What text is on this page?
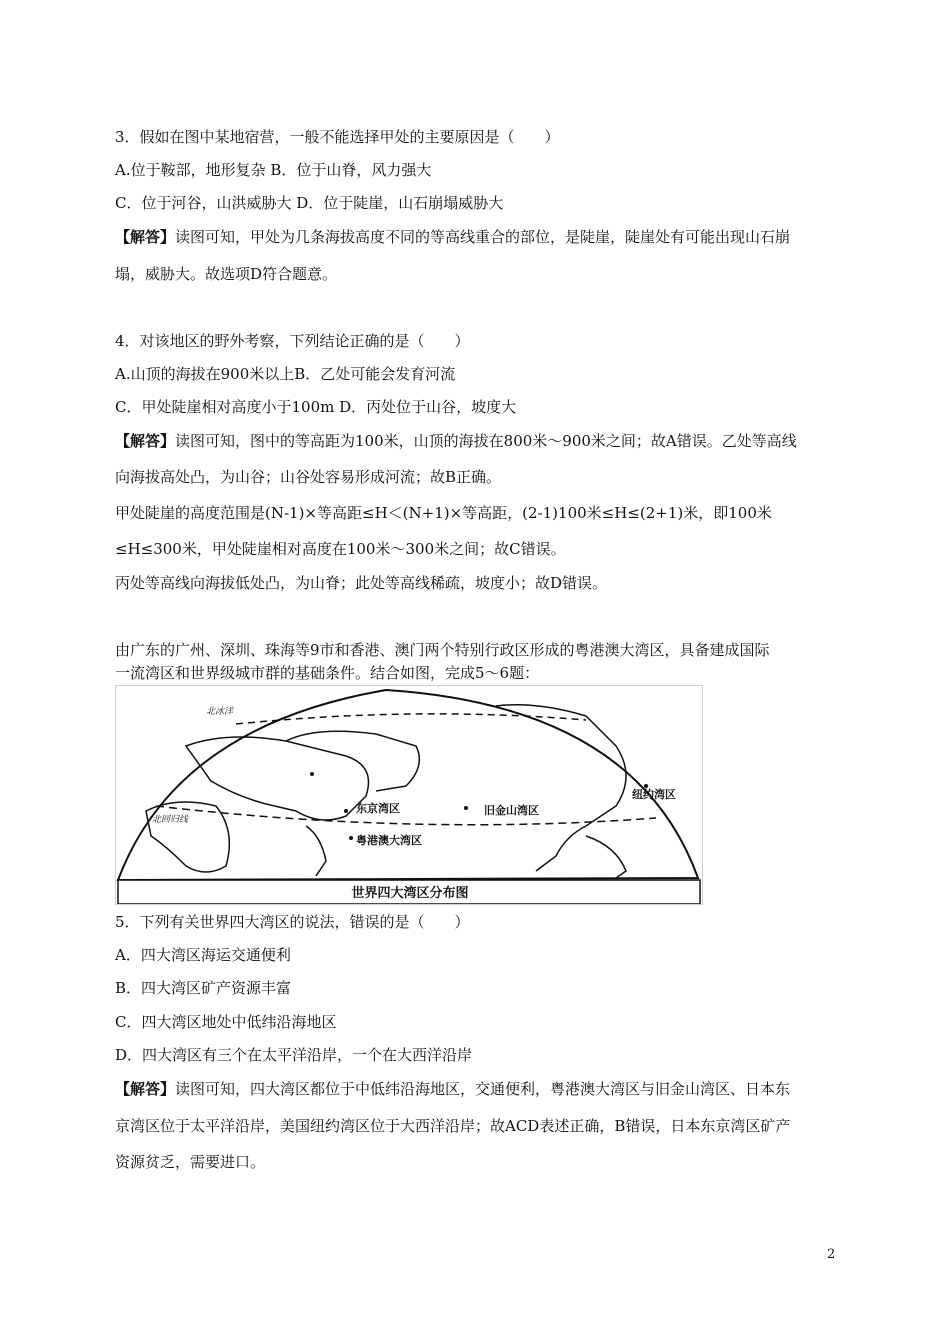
3．假如在图中某地宿营，一般不能选择甲处的主要原因是（　　）
A.位于鞍部，地形复杂 B．位于山脊，风力强大
C．位于河谷，山洪威胁大 D．位于陡崖，山石崩塌威胁大
【解答】读图可知，甲处为几条海拔高度不同的等高线重合的部位，是陡崖，陡崖处有可能出现山石崩
塌，威胁大。故选项D符合题意。
4．对该地区的野外考察，下列结论正确的是（　　）
A.山顶的海拔在900米以上B．乙处可能会发育河流
C．甲处陡崖相对高度小于100m D．丙处位于山谷，坡度大
【解答】读图可知，图中的等高距为100米，山顶的海拔在800米～900米之间；故A错误。乙处等高线
向海拔高处凸，为山谷；山谷处容易形成河流；故B正确。
甲处陡崖的高度范围是(N-1)×等高距≤H＜(N+1)×等高距，(2-1)100米≤H≤(2+1)米，即100米
≤H≤300米，甲处陡崖相对高度在100米～300米之间；故C错误。
丙处等高线向海拔低处凸，为山脊；此处等高线稀疏，坡度小；故D错误。
由广东的广州、深圳、珠海等9市和香港、澳门两个特别行政区形成的粤港澳大湾区，具备建成国际
一流湾区和世界级城市群的基础条件。结合如图，完成5～6题：
世界四大湾区分布图
北冰洋
北回归线
东京湾区	旧金山湾区
纽约湾区
粤港澳大湾区
5．下列有关世界四大湾区的说法，错误的是（　　）
A．四大湾区海运交通便利
B．四大湾区矿产资源丰富
C．四大湾区地处中低纬沿海地区
D．四大湾区有三个在太平洋沿岸，一个在大西洋沿岸
【解答】读图可知，四大湾区都位于中低纬沿海地区，交通便利，粤港澳大湾区与旧金山湾区、日本东
京湾区位于太平洋沿岸，美国纽约湾区位于大西洋沿岸；故ACD表述正确，B错误，日本东京湾区矿产
资源贫乏，需要进口。
2
